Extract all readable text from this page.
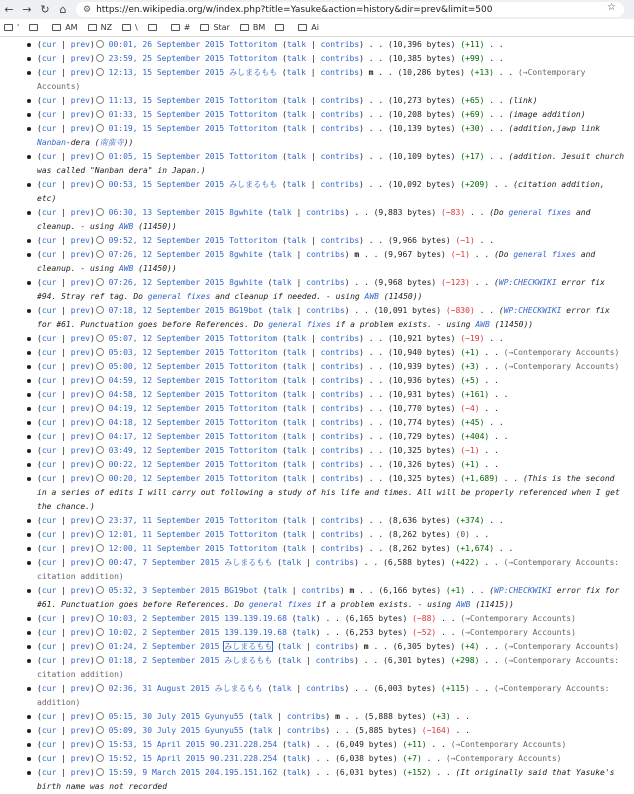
← → ↻ ⌂	⚙ https://en.wikipedia.org/w/index.php?title=Yasuke&action=history&dir=prev&limit=500	☆
'	AM	NZ	\	#	Star	BM	Ai
(cur | prev) 00:01, 26 September 2015 Tottoritom (talk | contribs) . . (10,396 bytes) (+11) . .
(cur | prev) 23:59, 25 September 2015 Tottoritom (talk | contribs) . . (10,385 bytes) (+99) . .
(cur | prev) 12:13, 15 September 2015 みしまるもも (talk | contribs) m . . (10,286 bytes) (+13) . . (→Contemporary Accounts)
(cur | prev) 11:13, 15 September 2015 Tottoritom (talk | contribs) . . (10,273 bytes) (+65) . . (link)
(cur | prev) 01:33, 15 September 2015 Tottoritom (talk | contribs) . . (10,208 bytes) (+69) . . (image addition)
(cur | prev) 01:19, 15 September 2015 Tottoritom (talk | contribs) . . (10,139 bytes) (+30) . . (addition,jawp link Nanban-dera (南蛮寺))
(cur | prev) 01:05, 15 September 2015 Tottoritom (talk | contribs) . . (10,109 bytes) (+17) . . (addition. Jesuit church was called "Nanban dera" in Japan.)
(cur | prev) 00:53, 15 September 2015 みしまるもも (talk | contribs) . . (10,092 bytes) (+209) . . (citation addition, etc)
(cur | prev) 06:30, 13 September 2015 8gwhite (talk | contribs) . . (9,883 bytes) (−83) . . (Do general fixes and cleanup. - using AWB (11450))
(cur | prev) 09:52, 12 September 2015 Tottoritom (talk | contribs) . . (9,966 bytes) (−1) . .
(cur | prev) 07:26, 12 September 2015 8gwhite (talk | contribs) m . . (9,967 bytes) (−1) . . (Do general fixes and cleanup. - using AWB (11450))
(cur | prev) 07:26, 12 September 2015 8gwhite (talk | contribs) . . (9,968 bytes) (−123) . . (WP:CHECKWIKI error fix #94. Stray ref tag. Do general fixes and cleanup if needed. - using AWB (11450))
(cur | prev) 07:18, 12 September 2015 BG19bot (talk | contribs) . . (10,091 bytes) (−830) . . (WP:CHECKWIKI error fix for #61. Punctuation goes before References. Do general fixes if a problem exists. - using AWB (11450))
(cur | prev) 05:07, 12 September 2015 Tottoritom (talk | contribs) . . (10,921 bytes) (−19) . .
(cur | prev) 05:03, 12 September 2015 Tottoritom (talk | contribs) . . (10,940 bytes) (+1) . . (→Contemporary Accounts)
(cur | prev) 05:00, 12 September 2015 Tottoritom (talk | contribs) . . (10,939 bytes) (+3) . . (→Contemporary Accounts)
(cur | prev) 04:59, 12 September 2015 Tottoritom (talk | contribs) . . (10,936 bytes) (+5) . .
(cur | prev) 04:58, 12 September 2015 Tottoritom (talk | contribs) . . (10,931 bytes) (+161) . .
(cur | prev) 04:19, 12 September 2015 Tottoritom (talk | contribs) . . (10,770 bytes) (−4) . .
(cur | prev) 04:18, 12 September 2015 Tottoritom (talk | contribs) . . (10,774 bytes) (+45) . .
(cur | prev) 04:17, 12 September 2015 Tottoritom (talk | contribs) . . (10,729 bytes) (+404) . .
(cur | prev) 03:49, 12 September 2015 Tottoritom (talk | contribs) . . (10,325 bytes) (−1) . .
(cur | prev) 00:22, 12 September 2015 Tottoritom (talk | contribs) . . (10,326 bytes) (+1) . .
(cur | prev) 00:20, 12 September 2015 Tottoritom (talk | contribs) . . (10,325 bytes) (+1,689) . . (This is the second in a series of edits I will carry out following a study of his life and times. All will be properly referenced when I get the chance.)
(cur | prev) 23:37, 11 September 2015 Tottoritom (talk | contribs) . . (8,636 bytes) (+374) . .
(cur | prev) 12:01, 11 September 2015 Tottoritom (talk | contribs) . . (8,262 bytes) (0) . .
(cur | prev) 12:00, 11 September 2015 Tottoritom (talk | contribs) . . (8,262 bytes) (+1,674) . .
(cur | prev) 00:47, 7 September 2015 みしまるもも (talk | contribs) . . (6,588 bytes) (+422) . . (→Contemporary Accounts: citation addition)
(cur | prev) 05:32, 3 September 2015 BG19bot (talk | contribs) m . . (6,166 bytes) (+1) . . (WP:CHECKWIKI error fix for #61. Punctuation goes before References. Do general fixes if a problem exists. - using AWB (11415))
(cur | prev) 10:03, 2 September 2015 139.139.19.68 (talk) . . (6,165 bytes) (−88) . . (→Contemporary Accounts)
(cur | prev) 10:02, 2 September 2015 139.139.19.68 (talk) . . (6,253 bytes) (−52) . . (→Contemporary Accounts)
(cur | prev) 01:24, 2 September 2015 みしまるもも (talk | contribs) m . . (6,305 bytes) (+4) . . (→Contemporary Accounts)
(cur | prev) 01:18, 2 September 2015 みしまるもも (talk | contribs) . . (6,301 bytes) (+298) . . (→Contemporary Accounts: citation addition)
(cur | prev) 02:36, 31 August 2015 みしまるもも (talk | contribs) . . (6,003 bytes) (+115) . . (→Contemporary Accounts: addition)
(cur | prev) 05:15, 30 July 2015 Gyunyu55 (talk | contribs) m . . (5,888 bytes) (+3) . .
(cur | prev) 05:09, 30 July 2015 Gyunyu55 (talk | contribs) . . (5,885 bytes) (−164) . .
(cur | prev) 15:53, 15 April 2015 90.231.228.254 (talk) . . (6,049 bytes) (+11) . . (→Contemporary Accounts)
(cur | prev) 15:52, 15 April 2015 90.231.228.254 (talk) . . (6,038 bytes) (+7) . . (→Contemporary Accounts)
(cur | prev) 15:59, 9 March 2015 204.195.151.162 (talk) . . (6,031 bytes) (+152) . . (It originally said that Yasuke's birth name was not recorded
